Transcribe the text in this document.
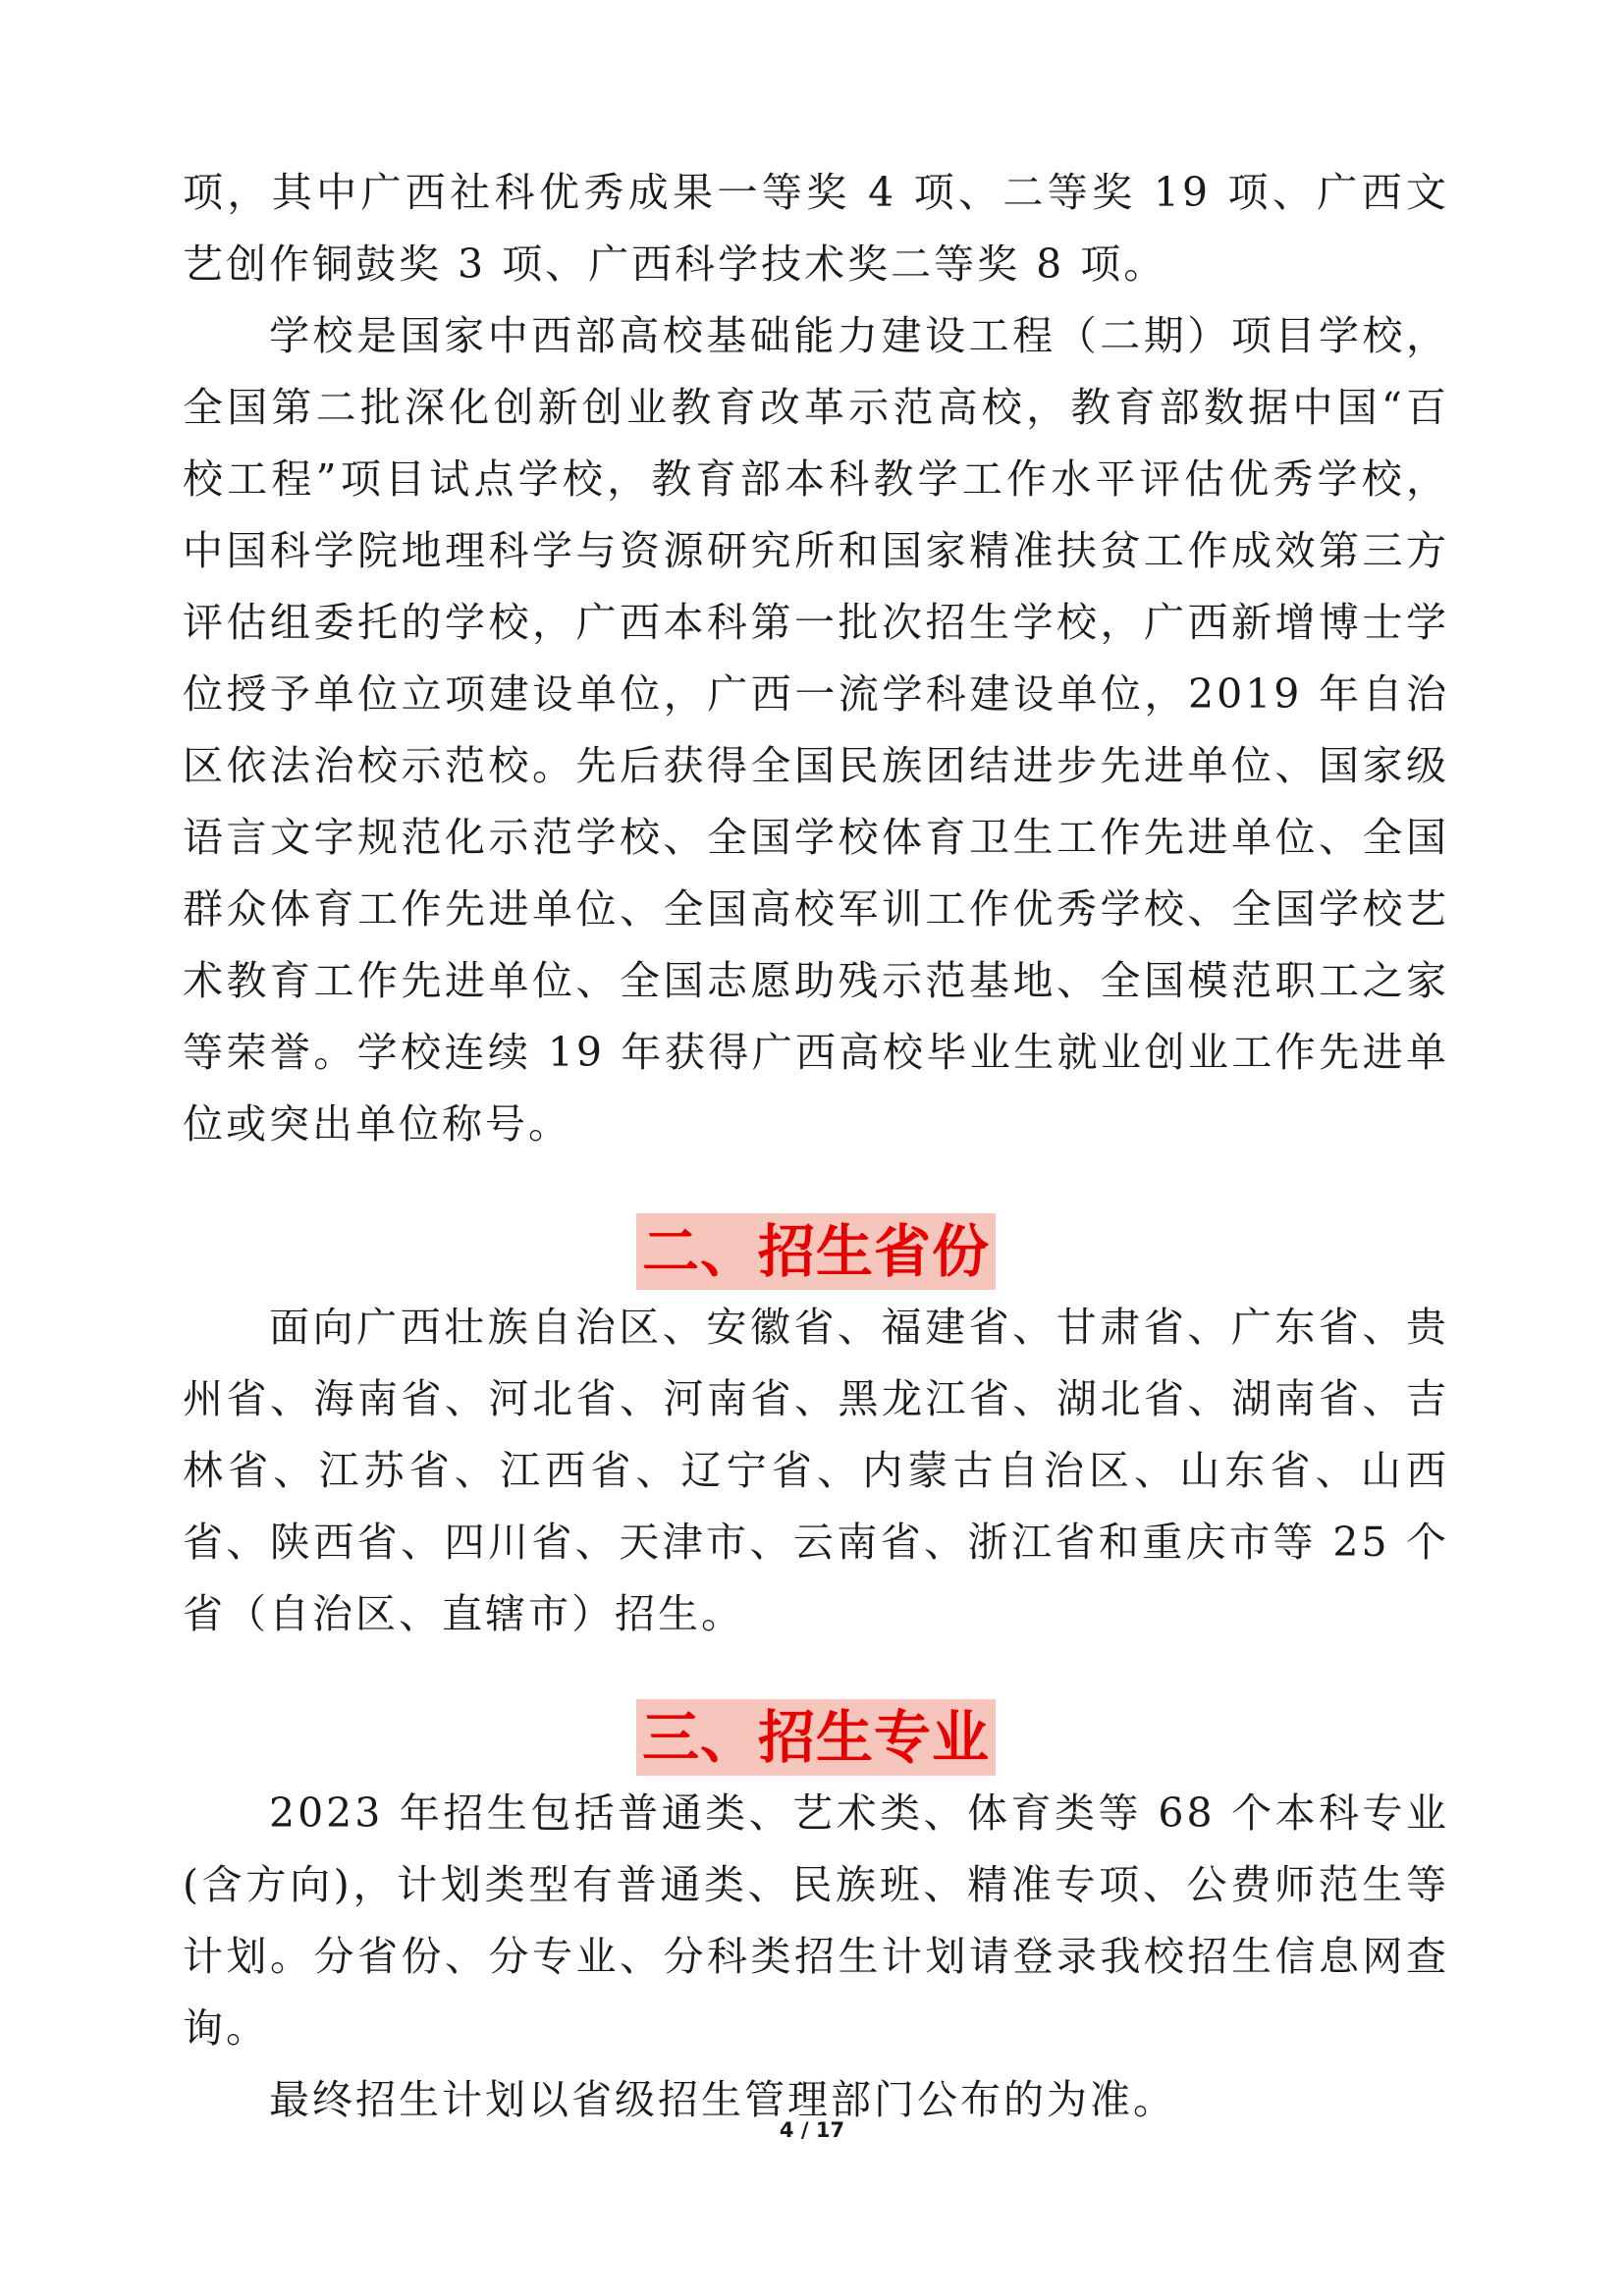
项，其中广西社科优秀成果一等奖 4 项、二等奖 19 项、广西文艺创作铜鼓奖 3 项、广西科学技术奖二等奖 8 项。

学校是国家中西部高校基础能力建设工程（二期）项目学校，全国第二批深化创新创业教育改革示范高校，教育部数据中国“百校工程”项目试点学校，教育部本科教学工作水平评估优秀学校，中国科学院地理科学与资源研究所和国家精准扶贫工作成效第三方评估组委托的学校，广西本科第一批次招生学校，广西新增博士学位授予单位立项建设单位，广西一流学科建设单位，2019 年自治区依法治校示范校。先后获得全国民族团结进步先进单位、国家级语言文字规范化示范学校、全国学校体育卫生工作先进单位、全国群众体育工作先进单位、全国高校军训工作优秀学校、全国学校艺术教育工作先进单位、全国志愿助残示范基地、全国模范职工之家等荣誉。学校连续 19 年获得广西高校毕业生就业创业工作先进单位或突出单位称号。

二、招生省份

面向广西壮族自治区、安徽省、福建省、甘肃省、广东省、贵州省、海南省、河北省、河南省、黑龙江省、湖北省、湖南省、吉林省、江苏省、江西省、辽宁省、内蒙古自治区、山东省、山西省、陕西省、四川省、天津市、云南省、浙江省和重庆市等 25 个省（自治区、直辖市）招生。

三、招生专业

2023 年招生包括普通类、艺术类、体育类等 68 个本科专业(含方向)，计划类型有普通类、民族班、精准专项、公费师范生等计划。分省份、分专业、分科类招生计划请登录我校招生信息网查询。

最终招生计划以省级招生管理部门公布的为准。

4 / 17
